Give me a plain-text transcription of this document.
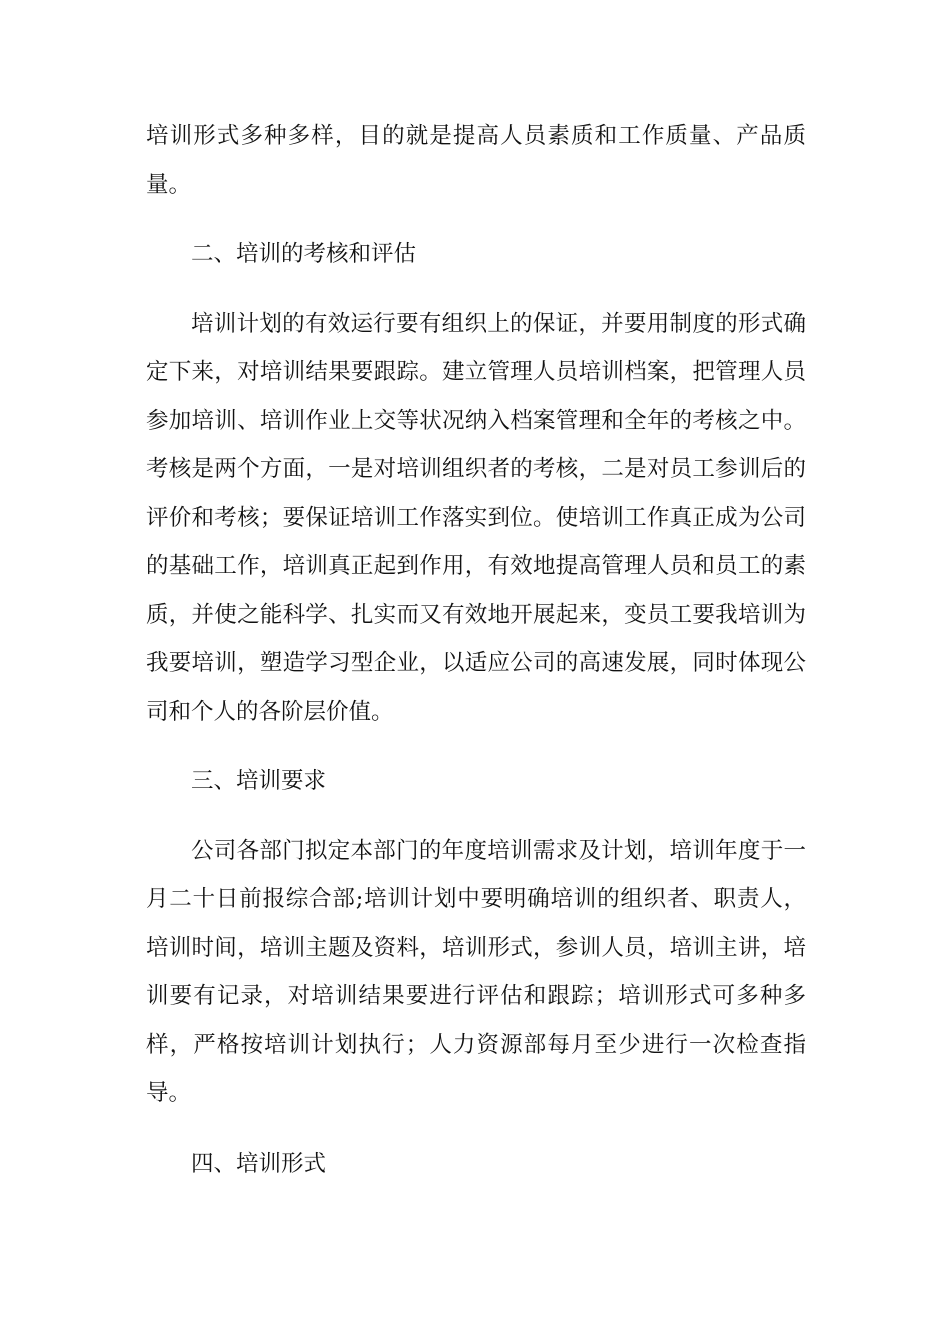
培训形式多种多样，目的就是提高人员素质和工作质量、产品质量。

二、培训的考核和评估

培训计划的有效运行要有组织上的保证，并要用制度的形式确定下来，对培训结果要跟踪。建立管理人员培训档案，把管理人员参加培训、培训作业上交等状况纳入档案管理和全年的考核之中。考核是两个方面，一是对培训组织者的考核，二是对员工参训后的评价和考核；要保证培训工作落实到位。使培训工作真正成为公司的基础工作，培训真正起到作用，有效地提高管理人员和员工的素质，并使之能科学、扎实而又有效地开展起来，变员工要我培训为我要培训，塑造学习型企业，以适应公司的高速发展，同时体现公司和个人的各阶层价值。

三、培训要求

公司各部门拟定本部门的年度培训需求及计划，培训年度于一月二十日前报综合部;培训计划中要明确培训的组织者、职责人，培训时间，培训主题及资料，培训形式，参训人员，培训主讲，培训要有记录，对培训结果要进行评估和跟踪；培训形式可多种多样，严格按培训计划执行；人力资源部每月至少进行一次检查指导。

四、培训形式
